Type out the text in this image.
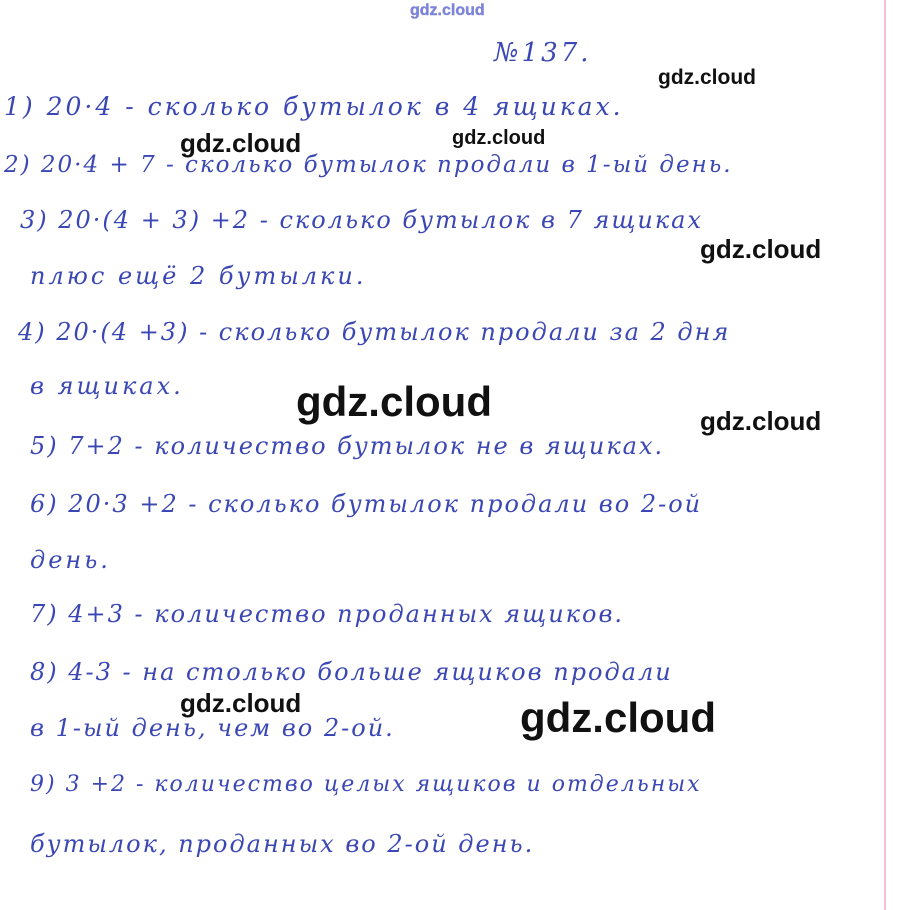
gdz.cloud
№137.
1) 20·4 - сколько бутылок в 4 ящиках.
2) 20·4 + 7 - сколько бутылок продали в 1-ый день.
3) 20·(4 + 3) +2 - сколько бутылок в 7 ящиках
плюс ещё 2 бутылки.
4) 20·(4 +3) - сколько бутылок продали за 2 дня
в ящиках.
5) 7+2 - количество бутылок не в ящиках.
6) 20·3 +2 - сколько бутылок продали во 2-ой
день.
7) 4+3 - количество проданных ящиков.
8) 4-3 - на столько больше ящиков продали
в 1-ый день, чем во 2-ой.
9) 3 +2 - количество целых ящиков и отдельных
бутылок, проданных во 2-ой день.
gdz.cloud
gdz.cloud	gdz.cloud
gdz.cloud
gdz.cloud	gdz.cloud
gdz.cloud	gdz.cloud
